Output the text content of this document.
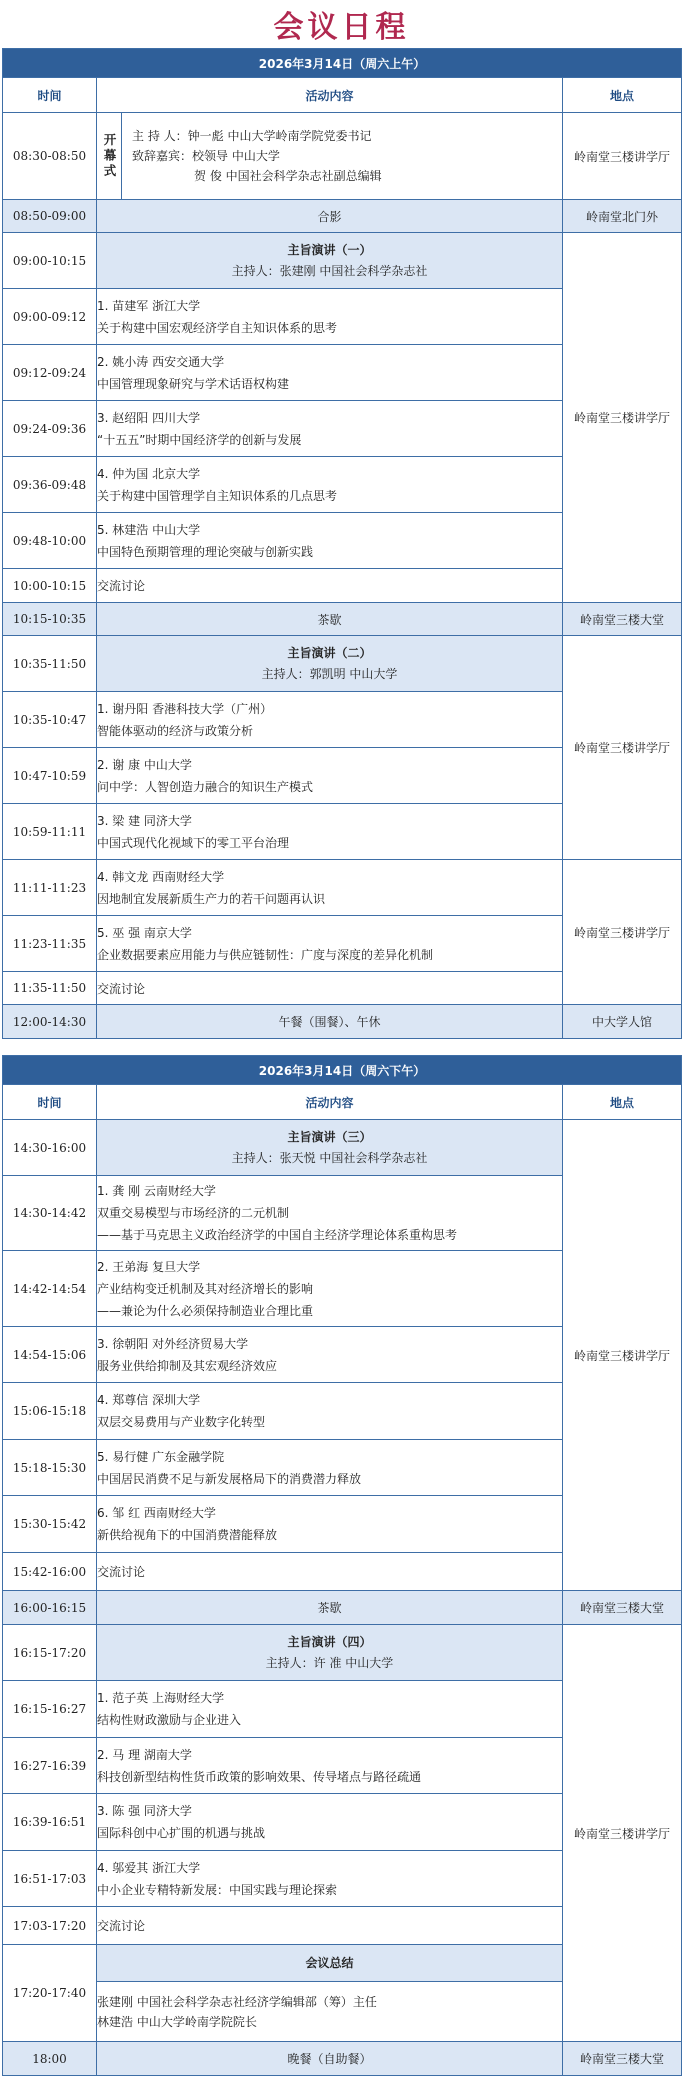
会议日程
2026年3月14日（周六上午）		
时间	活动内容	地点
08:30-08:50	开幕式 主 持 人：钟一彪 中山大学岭南学院党委书记
致辞嘉宾：校领导 中山大学
贺 俊 中国社会科学杂志社副总编辑	岭南堂三楼讲学厅
08:50-09:00	合影	岭南堂北门外
09:00-10:15	主旨演讲（一）
主持人：张建刚 中国社会科学杂志社	岭南堂三楼讲学厅
09:00-09:12	1. 苗建军 浙江大学
关于构建中国宏观经济学自主知识体系的思考	

09:12-09:24	2. 姚小涛 西安交通大学
中国管理现象研究与学术话语权构建	

09:24-09:36	3. 赵绍阳 四川大学
“十五五”时期中国经济学的创新与发展	

09:36-09:48	4. 仲为国 北京大学
关于构建中国管理学自主知识体系的几点思考	

09:48-10:00	5. 林建浩 中山大学
中国特色预期管理的理论突破与创新实践	

10:00-10:15	交流讨论	
10:15-10:35	茶歇	岭南堂三楼大堂
10:35-11:50	主旨演讲（二）
主持人：郭凯明 中山大学	岭南堂三楼讲学厅
10:35-10:47	1. 谢丹阳 香港科技大学（广州）
智能体驱动的经济与政策分析	

10:47-10:59	2. 谢 康 中山大学
问中学：人智创造力融合的知识生产模式	

10:59-11:11	3. 梁 建 同济大学
中国式现代化视域下的零工平台治理	

11:11-11:23	4. 韩文龙 西南财经大学
因地制宜发展新质生产力的若干问题再认识	岭南堂三楼讲学厅
11:23-11:35	5. 巫 强 南京大学
企业数据要素应用能力与供应链韧性：广度与深度的差异化机制	

11:35-11:50	交流讨论	
12:00-14:30	午餐（围餐）、午休	中大学人馆
2026年3月14日（周六下午）		
时间	活动内容	地点
14:30-16:00	主旨演讲（三）
主持人：张天悦 中国社会科学杂志社	岭南堂三楼讲学厅
14:30-14:42	1. 龚 刚 云南财经大学
双重交易模型与市场经济的二元机制
——基于马克思主义政治经济学的中国自主经济学理论体系重构思考	

14:42-14:54	2. 王弟海 复旦大学
产业结构变迁机制及其对经济增长的影响
——兼论为什么必须保持制造业合理比重	

14:54-15:06	3. 徐朝阳 对外经济贸易大学
服务业供给抑制及其宏观经济效应	

15:06-15:18	4. 郑尊信 深圳大学
双层交易费用与产业数字化转型	

15:18-15:30	5. 易行健 广东金融学院
中国居民消费不足与新发展格局下的消费潜力释放	

15:30-15:42	6. 邹 红 西南财经大学
新供给视角下的中国消费潜能释放	

15:42-16:00	交流讨论	
16:00-16:15	茶歇	岭南堂三楼大堂
16:15-17:20	主旨演讲（四）
主持人：许 准 中山大学	岭南堂三楼讲学厅
16:15-16:27	1. 范子英 上海财经大学
结构性财政激励与企业进入	

16:27-16:39	2. 马 理 湖南大学
科技创新型结构性货币政策的影响效果、传导堵点与路径疏通	

16:39-16:51	3. 陈 强 同济大学
国际科创中心扩围的机遇与挑战	

16:51-17:03	4. 邬爱其 浙江大学
中小企业专精特新发展：中国实践与理论探索	

17:03-17:20	交流讨论	
17:20-17:40	会议总结	

	张建刚 中国社会科学杂志社经济学编辑部（筹）主任
林建浩 中山大学岭南学院院长	

18:00	晚餐（自助餐）	岭南堂三楼大堂
